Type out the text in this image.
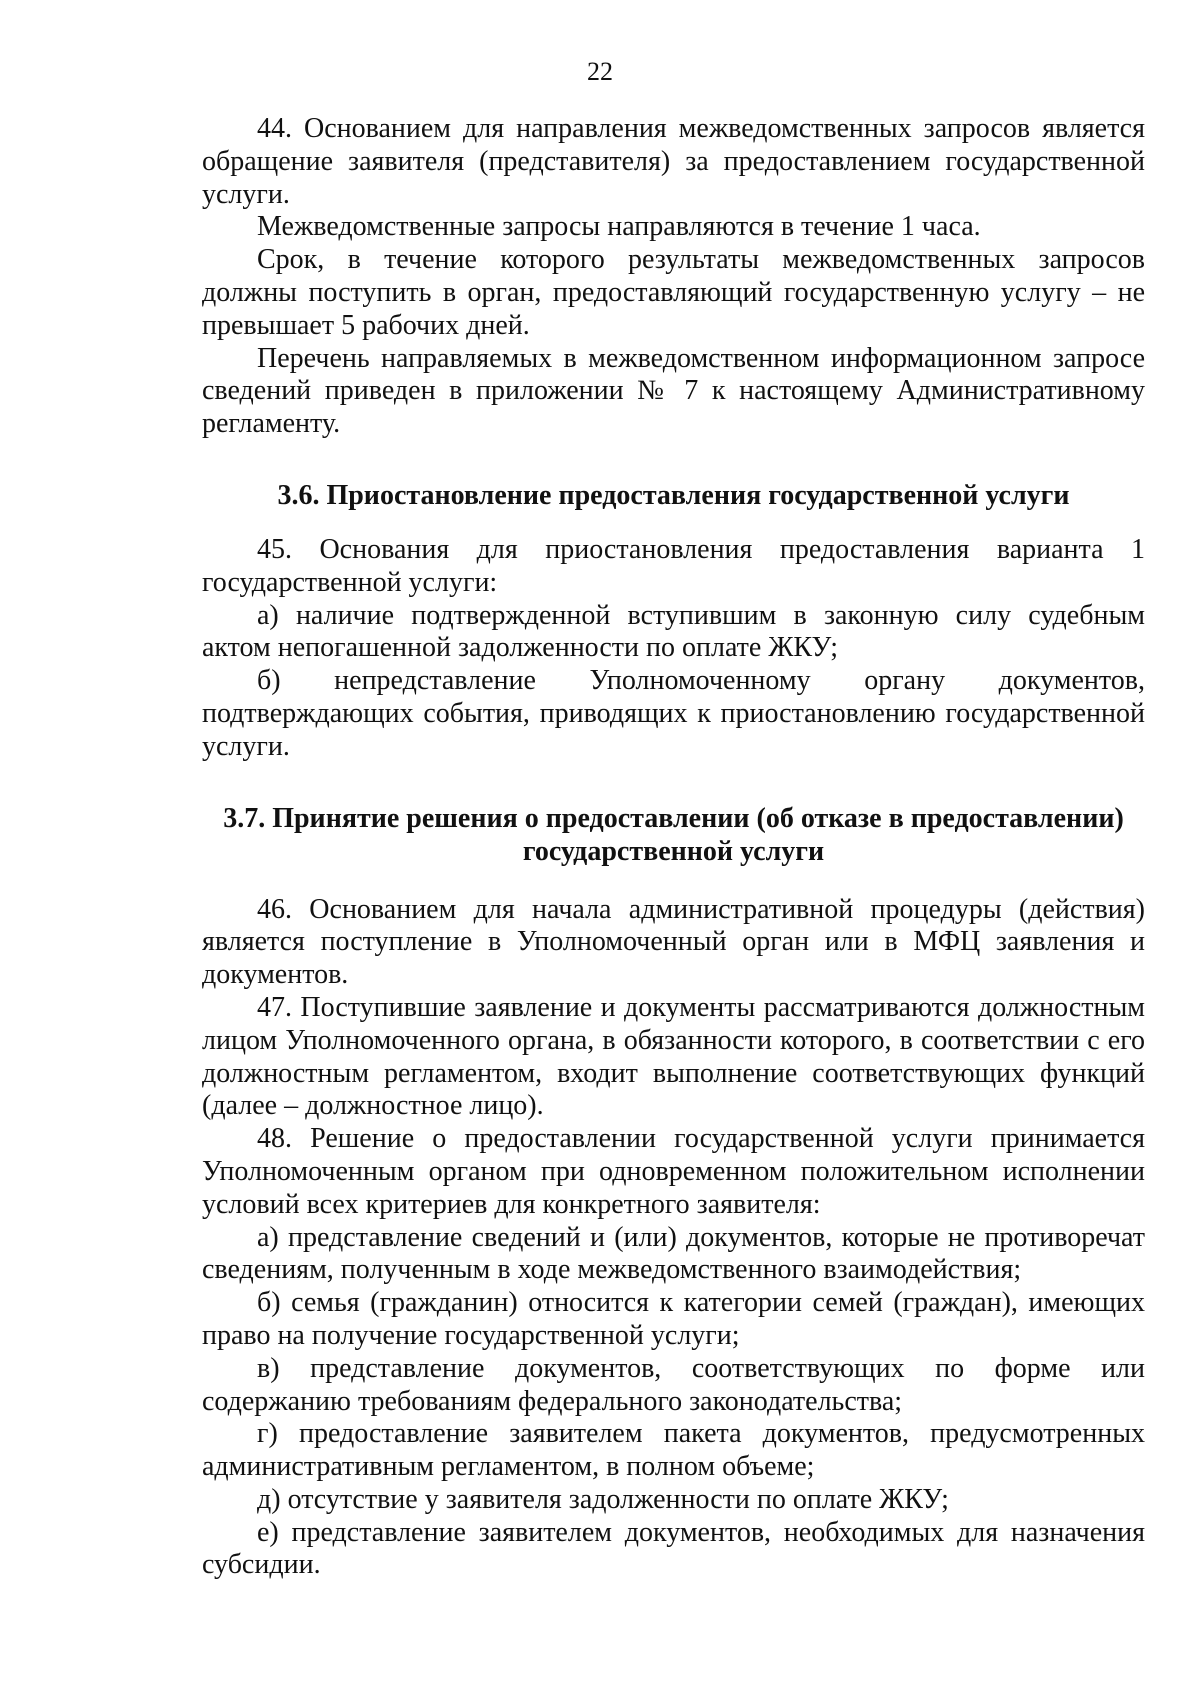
22

44. Основанием для направления межведомственных запросов является обращение заявителя (представителя) за предоставлением государственной услуги.

Межведомственные запросы направляются в течение 1 часа.

Срок, в течение которого результаты межведомственных запросов должны поступить в орган, предоставляющий государственную услугу – не превышает 5 рабочих дней.

Перечень направляемых в межведомственном информационном запросе сведений приведен в приложении № 7 к настоящему Административному регламенту.

3.6. Приостановление предоставления государственной услуги

45. Основания для приостановления предоставления варианта 1 государственной услуги:

а) наличие подтвержденной вступившим в законную силу судебным актом непогашенной задолженности по оплате ЖКУ;

б) непредставление Уполномоченному органу документов, подтверждающих события, приводящих к приостановлению государственной услуги.

3.7. Принятие решения о предоставлении (об отказе в предоставлении)
государственной услуги

46. Основанием для начала административной процедуры (действия) является поступление в Уполномоченный орган или в МФЦ заявления и документов.

47. Поступившие заявление и документы рассматриваются должностным лицом Уполномоченного органа, в обязанности которого, в соответствии с его должностным регламентом, входит выполнение соответствующих функций (далее – должностное лицо).

48. Решение о предоставлении государственной услуги принимается Уполномоченным органом при одновременном положительном исполнении условий всех критериев для конкретного заявителя:

а) представление сведений и (или) документов, которые не противоречат сведениям, полученным в ходе межведомственного взаимодействия;

б) семья (гражданин) относится к категории семей (граждан), имеющих право на получение государственной услуги;

в) представление документов, соответствующих по форме или содержанию требованиям федерального законодательства;

г) предоставление заявителем пакета документов, предусмотренных административным регламентом, в полном объеме;

д) отсутствие у заявителя задолженности по оплате ЖКУ;

е) представление заявителем документов, необходимых для назначения субсидии.
